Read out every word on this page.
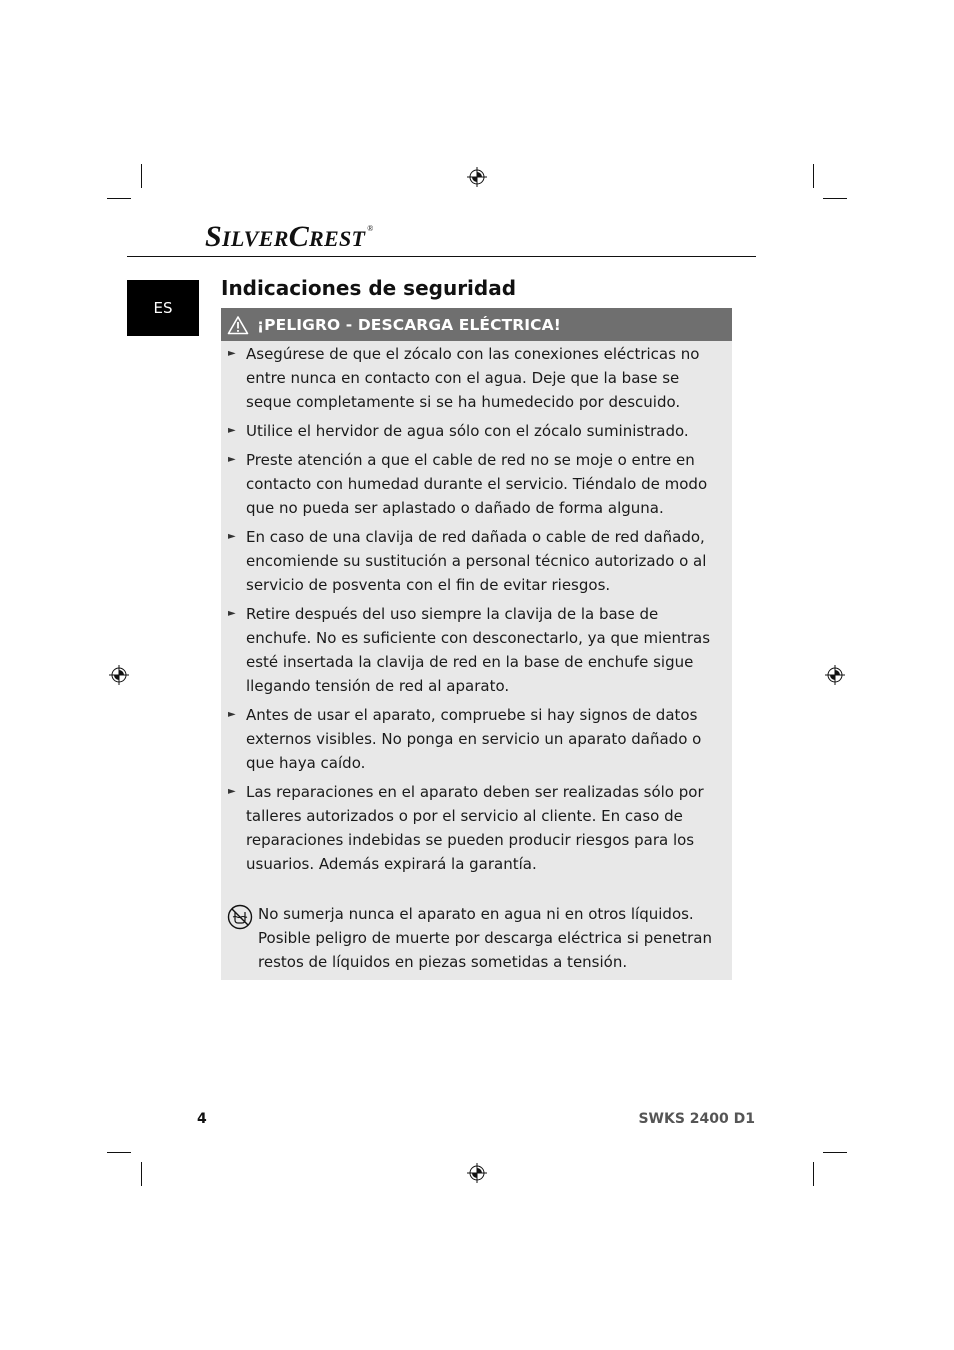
SILVERCREST ®
ES
Indicaciones de seguridad
¡PELIGRO - DESCARGA ELÉCTRICA!
► Asegúrese de que el zócalo con las conexiones eléctricas no entre nunca en contacto con el agua. Deje que la base se seque completamente si se ha humedecido por descuido.
► Utilice el hervidor de agua sólo con el zócalo suministrado.
► Preste atención a que el cable de red no se moje o entre en contacto con humedad durante el servicio. Tiéndalo de modo que no pueda ser aplastado o dañado de forma alguna.
► En caso de una clavija de red dañada o cable de red dañado, encomiende su sustitución a personal técnico autorizado o al servicio de posventa con el fin de evitar riesgos.
► Retire después del uso siempre la clavija de la base de enchufe. No es suficiente con desconectarlo, ya que mientras esté insertada la clavija de red en la base de enchufe sigue llegando tensión de red al aparato.
► Antes de usar el aparato, compruebe si hay signos de datos externos visibles. No ponga en servicio un aparato dañado o que haya caído.
► Las reparaciones en el aparato deben ser realizadas sólo por talleres autorizados o por el servicio al cliente. En caso de reparaciones indebidas se pueden producir riesgos para los usuarios. Además expirará la garantía.
No sumerja nunca el aparato en agua ni en otros líquidos. Posible peligro de muerte por descarga eléctrica si penetran restos de líquidos en piezas sometidas a tensión.
4	SWKS 2400 D1
